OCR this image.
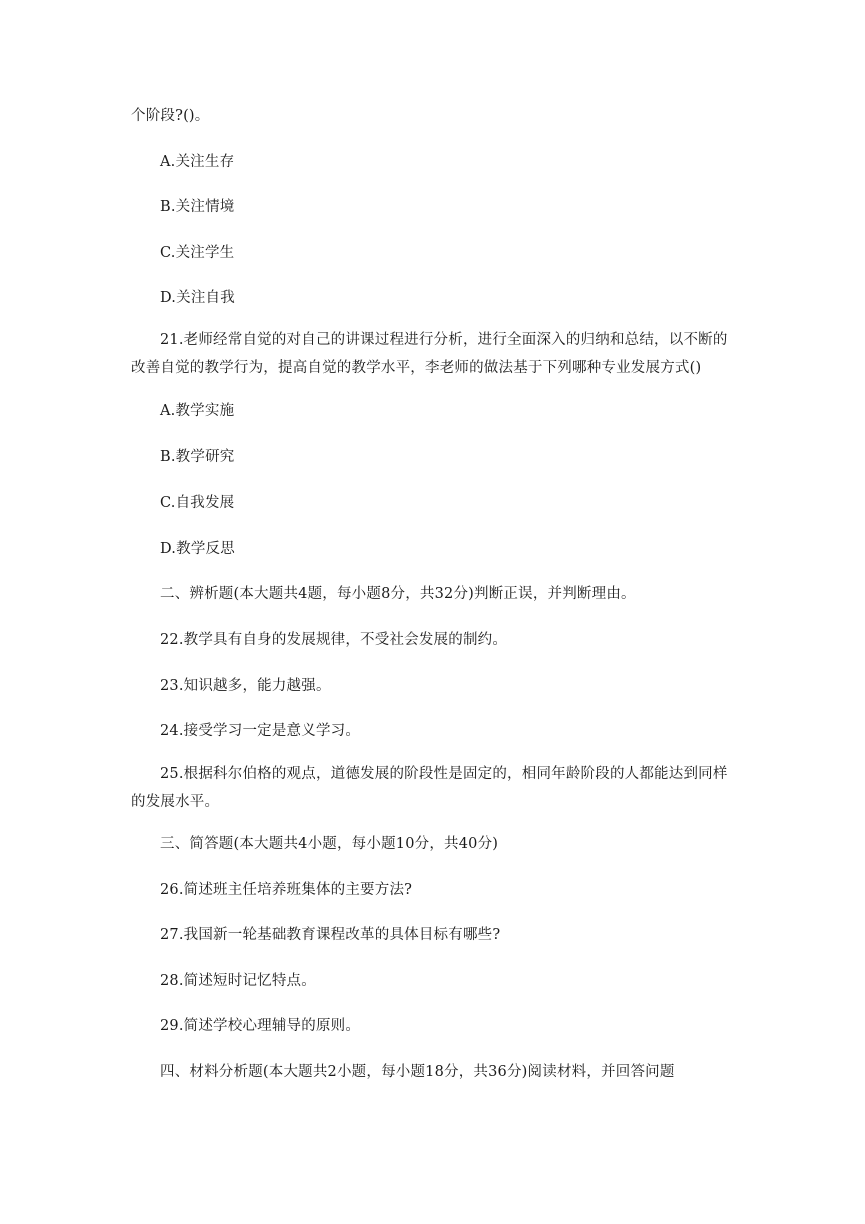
个阶段?()。
A.关注生存
B.关注情境
C.关注学生
D.关注自我
21.老师经常自觉的对自己的讲课过程进行分析，进行全面深入的归纳和总结，以不断的改善自觉的教学行为，提高自觉的教学水平，李老师的做法基于下列哪种专业发展方式()
A.教学实施
B.教学研究
C.自我发展
D.教学反思
二、辨析题(本大题共4题，每小题8分，共32分)判断正误，并判断理由。
22.教学具有自身的发展规律，不受社会发展的制约。
23.知识越多，能力越强。
24.接受学习一定是意义学习。
25.根据科尔伯格的观点，道德发展的阶段性是固定的，相同年龄阶段的人都能达到同样的发展水平。
三、简答题(本大题共4小题，每小题10分，共40分)
26.简述班主任培养班集体的主要方法?
27.我国新一轮基础教育课程改革的具体目标有哪些?
28.简述短时记忆特点。
29.简述学校心理辅导的原则。
四、材料分析题(本大题共2小题，每小题18分，共36分)阅读材料，并回答问题
